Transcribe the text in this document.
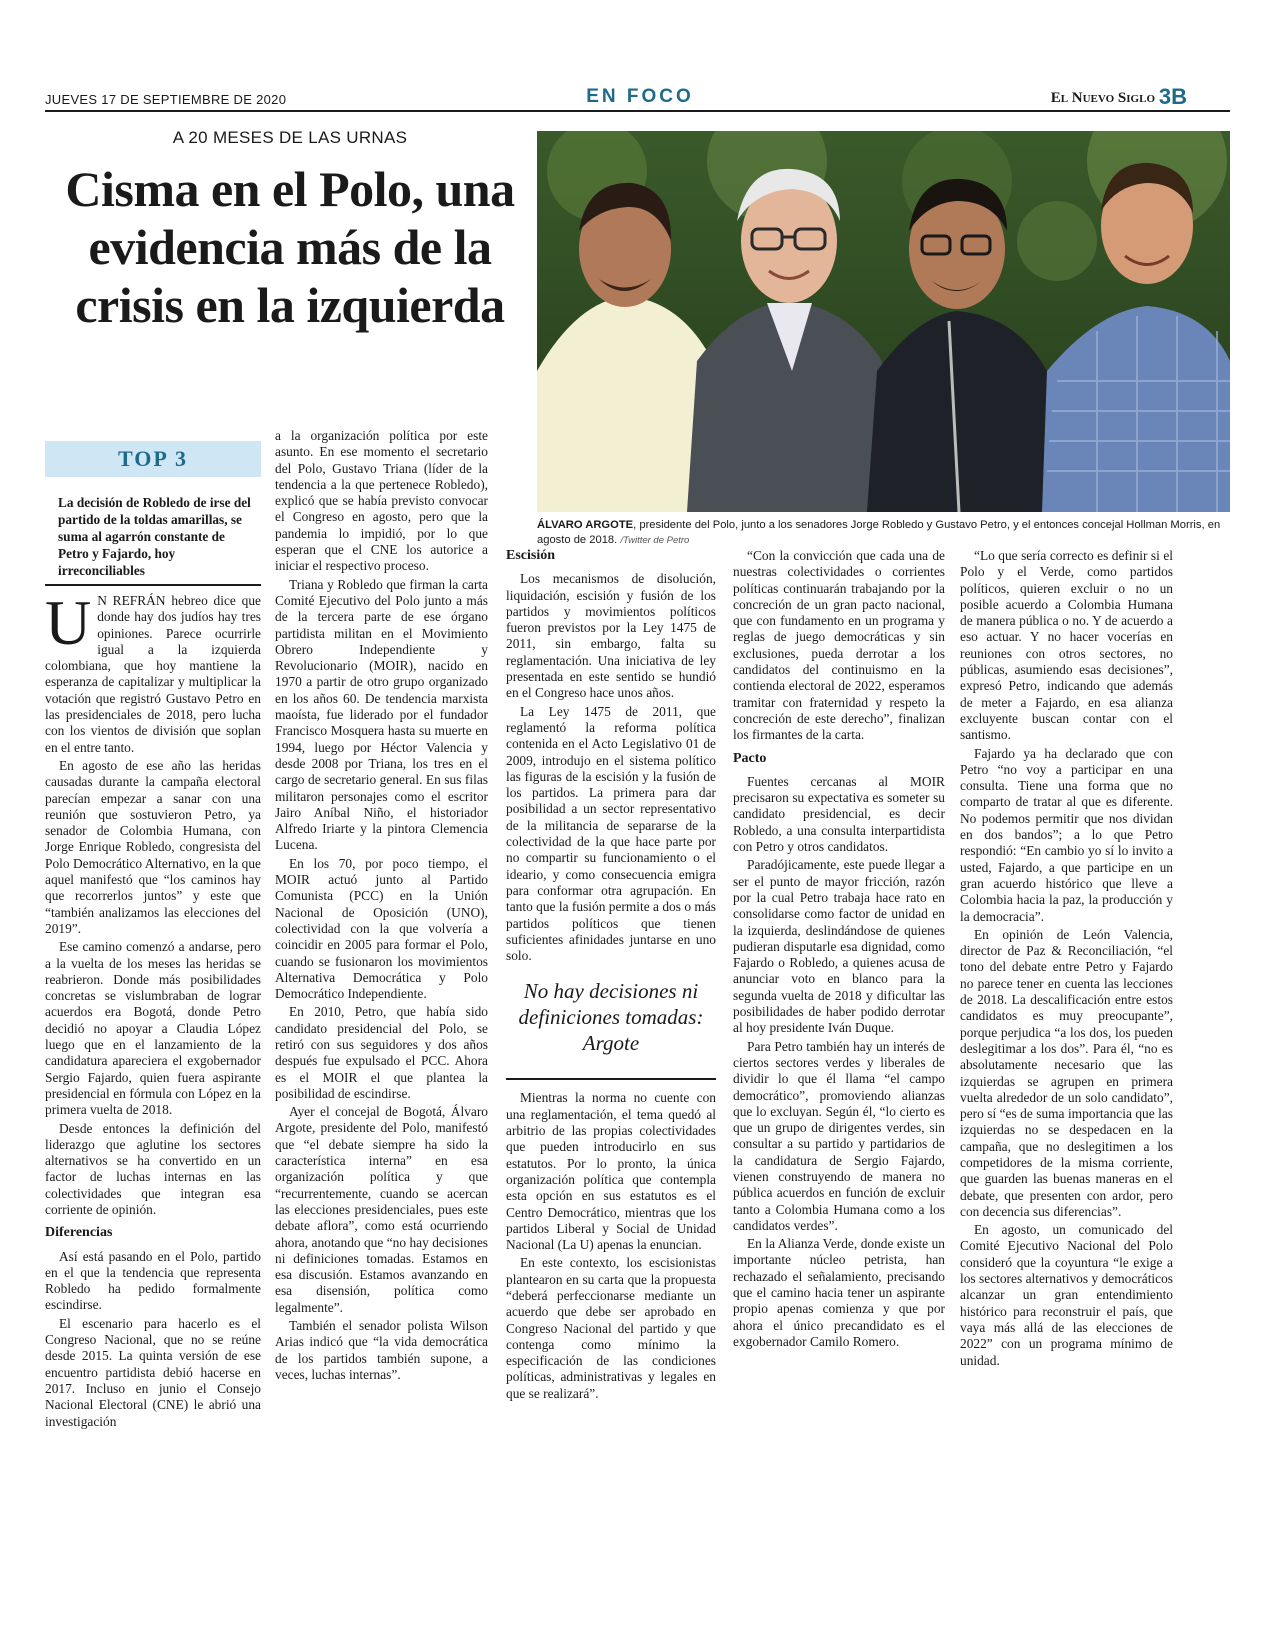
JUEVES 17 DE SEPTIEMBRE DE 2020	EN FOCO	El Nuevo Siglo 3B
A 20 MESES DE LAS URNAS
Cisma en el Polo, una evidencia más de la crisis en la izquierda

ÁLVARO ARGOTE, presidente del Polo, junto a los senadores Jorge Robledo y Gustavo Petro, y el entonces concejal Hollman Morris, en agosto de 2018. /Twitter de Petro

TOP 3
La decisión de Robledo de irse del partido de la toldas amarillas, se suma al agarrón constante de Petro y Fajardo, hoy irreconciliables

U N REFRÁN hebreo dice que donde hay dos judíos hay tres opiniones. Parece ocurrirle igual a la izquierda colombiana, que hoy mantiene la esperanza de capitalizar y multiplicar la votación que registró Gustavo Petro en las presidenciales de 2018, pero lucha con los vientos de división que soplan en el entre tanto.

En agosto de ese año las heridas causadas durante la campaña electoral parecían empezar a sanar con una reunión que sostuvieron Petro, ya senador de Colombia Humana, con Jorge Enrique Robledo, congresista del Polo Democrático Alternativo, en la que aquel manifestó que “los caminos hay que recorrerlos juntos” y este que “también analizamos las elecciones del 2019”.

Ese camino comenzó a andarse, pero a la vuelta de los meses las heridas se reabrieron. Donde más posibilidades concretas se vislumbraban de lograr acuerdos era Bogotá, donde Petro decidió no apoyar a Claudia López luego que en el lanzamiento de la candidatura apareciera el exgobernador Sergio Fajardo, quien fuera aspirante presidencial en fórmula con López en la primera vuelta de 2018.

Desde entonces la definición del liderazgo que aglutine los sectores alternativos se ha convertido en un factor de luchas internas en las colectividades que integran esa corriente de opinión.

Diferencias

Así está pasando en el Polo, partido en el que la tendencia que representa Robledo ha pedido formalmente escindirse.

El escenario para hacerlo es el Congreso Nacional, que no se reúne desde 2015. La quinta versión de ese encuentro partidista debió hacerse en 2017. Incluso en junio el Consejo Nacional Electoral (CNE) le abrió una investigación

a la organización política por este asunto. En ese momento el secretario del Polo, Gustavo Triana (líder de la tendencia a la que pertenece Robledo), explicó que se había previsto convocar el Congreso en agosto, pero que la pandemia lo impidió, por lo que esperan que el CNE los autorice a iniciar el respectivo proceso.

Triana y Robledo que firman la carta Comité Ejecutivo del Polo junto a más de la tercera parte de ese órgano partidista militan en el Movimiento Obrero Independiente y Revolucionario (MOIR), nacido en 1970 a partir de otro grupo organizado en los años 60. De tendencia marxista maoísta, fue liderado por el fundador Francisco Mosquera hasta su muerte en 1994, luego por Héctor Valencia y desde 2008 por Triana, los tres en el cargo de secretario general. En sus filas militaron personajes como el escritor Jairo Aníbal Niño, el historiador Alfredo Iriarte y la pintora Clemencia Lucena.

En los 70, por poco tiempo, el MOIR actuó junto al Partido Comunista (PCC) en la Unión Nacional de Oposición (UNO), colectividad con la que volvería a coincidir en 2005 para formar el Polo, cuando se fusionaron los movimientos Alternativa Democrática y Polo Democrático Independiente.

En 2010, Petro, que había sido candidato presidencial del Polo, se retiró con sus seguidores y dos años después fue expulsado el PCC. Ahora es el MOIR el que plantea la posibilidad de escindirse.

Ayer el concejal de Bogotá, Álvaro Argote, presidente del Polo, manifestó que “el debate siempre ha sido la característica interna” en esa organización política y que “recurrentemente, cuando se acercan las elecciones presidenciales, pues este debate aflora”, como está ocurriendo ahora, anotando que “no hay decisiones ni definiciones tomadas. Estamos en esa discusión. Estamos avanzando en esa disensión, política como legalmente”.

También el senador polista Wilson Arias indicó que “la vida democrática de los partidos también supone, a veces, luchas internas”.

Escisión

Los mecanismos de disolución, liquidación, escisión y fusión de los partidos y movimientos políticos fueron previstos por la Ley 1475 de 2011, sin embargo, falta su reglamentación. Una iniciativa de ley presentada en este sentido se hundió en el Congreso hace unos años.

La Ley 1475 de 2011, que reglamentó la reforma política contenida en el Acto Legislativo 01 de 2009, introdujo en el sistema político las figuras de la escisión y la fusión de los partidos. La primera para dar posibilidad a un sector representativo de la militancia de separarse de la colectividad de la que hace parte por no compartir su funcionamiento o el ideario, y como consecuencia emigra para conformar otra agrupación. En tanto que la fusión permite a dos o más partidos políticos que tienen suficientes afinidades juntarse en uno solo.

No hay decisiones ni definiciones tomadas: Argote

Mientras la norma no cuente con una reglamentación, el tema quedó al arbitrio de las propias colectividades que pueden introducirlo en sus estatutos. Por lo pronto, la única organización política que contempla esta opción en sus estatutos es el Centro Democrático, mientras que los partidos Liberal y Social de Unidad Nacional (La U) apenas la enuncian.

En este contexto, los escisionistas plantearon en su carta que la propuesta “deberá perfeccionarse mediante un acuerdo que debe ser aprobado en Congreso Nacional del partido y que contenga como mínimo la especificación de las condiciones políticas, administrativas y legales en que se realizará”.

“Con la convicción que cada una de nuestras colectividades o corrientes políticas continuarán trabajando por la concreción de un gran pacto nacional, que con fundamento en un programa y reglas de juego democráticas y sin exclusiones, pueda derrotar a los candidatos del continuismo en la contienda electoral de 2022, esperamos tramitar con fraternidad y respeto la concreción de este derecho”, finalizan los firmantes de la carta.

Pacto

Fuentes cercanas al MOIR precisaron su expectativa es someter su candidato presidencial, es decir Robledo, a una consulta interpartidista con Petro y otros candidatos.

Paradójicamente, este puede llegar a ser el punto de mayor fricción, razón por la cual Petro trabaja hace rato en consolidarse como factor de unidad en la izquierda, deslindándose de quienes pudieran disputarle esa dignidad, como Fajardo o Robledo, a quienes acusa de anunciar voto en blanco para la segunda vuelta de 2018 y dificultar las posibilidades de haber podido derrotar al hoy presidente Iván Duque.

Para Petro también hay un interés de ciertos sectores verdes y liberales de dividir lo que él llama “el campo democrático”, promoviendo alianzas que lo excluyan. Según él, “lo cierto es que un grupo de dirigentes verdes, sin consultar a su partido y partidarios de la candidatura de Sergio Fajardo, vienen construyendo de manera no pública acuerdos en función de excluir tanto a Colombia Humana como a los candidatos verdes”.

En la Alianza Verde, donde existe un importante núcleo petrista, han rechazado el señalamiento, precisando que el camino hacia tener un aspirante propio apenas comienza y que por ahora el único precandidato es el exgobernador Camilo Romero.

“Lo que sería correcto es definir si el Polo y el Verde, como partidos políticos, quieren excluir o no un posible acuerdo a Colombia Humana de manera pública o no. Y de acuerdo a eso actuar. Y no hacer vocerías en reuniones con otros sectores, no públicas, asumiendo esas decisiones”, expresó Petro, indicando que además de meter a Fajardo, en esa alianza excluyente buscan contar con el santismo.

Fajardo ya ha declarado que con Petro “no voy a participar en una consulta. Tiene una forma que no comparto de tratar al que es diferente. No podemos permitir que nos dividan en dos bandos”; a lo que Petro respondió: “En cambio yo sí lo invito a usted, Fajardo, a que participe en un gran acuerdo histórico que lleve a Colombia hacia la paz, la producción y la democracia”.

En opinión de León Valencia, director de Paz & Reconciliación, “el tono del debate entre Petro y Fajardo no parece tener en cuenta las lecciones de 2018. La descalificación entre estos candidatos es muy preocupante”, porque perjudica “a los dos, los pueden deslegitimar a los dos”. Para él, “no es absolutamente necesario que las izquierdas se agrupen en primera vuelta alrededor de un solo candidato”, pero sí “es de suma importancia que las izquierdas no se despedacen en la campaña, que no deslegitimen a los competidores de la misma corriente, que guarden las buenas maneras en el debate, que presenten con ardor, pero con decencia sus diferencias”.

En agosto, un comunicado del Comité Ejecutivo Nacional del Polo consideró que la coyuntura “le exige a los sectores alternativos y democráticos alcanzar un gran entendimiento histórico para reconstruir el país, que vaya más allá de las elecciones de 2022” con un programa mínimo de unidad.
